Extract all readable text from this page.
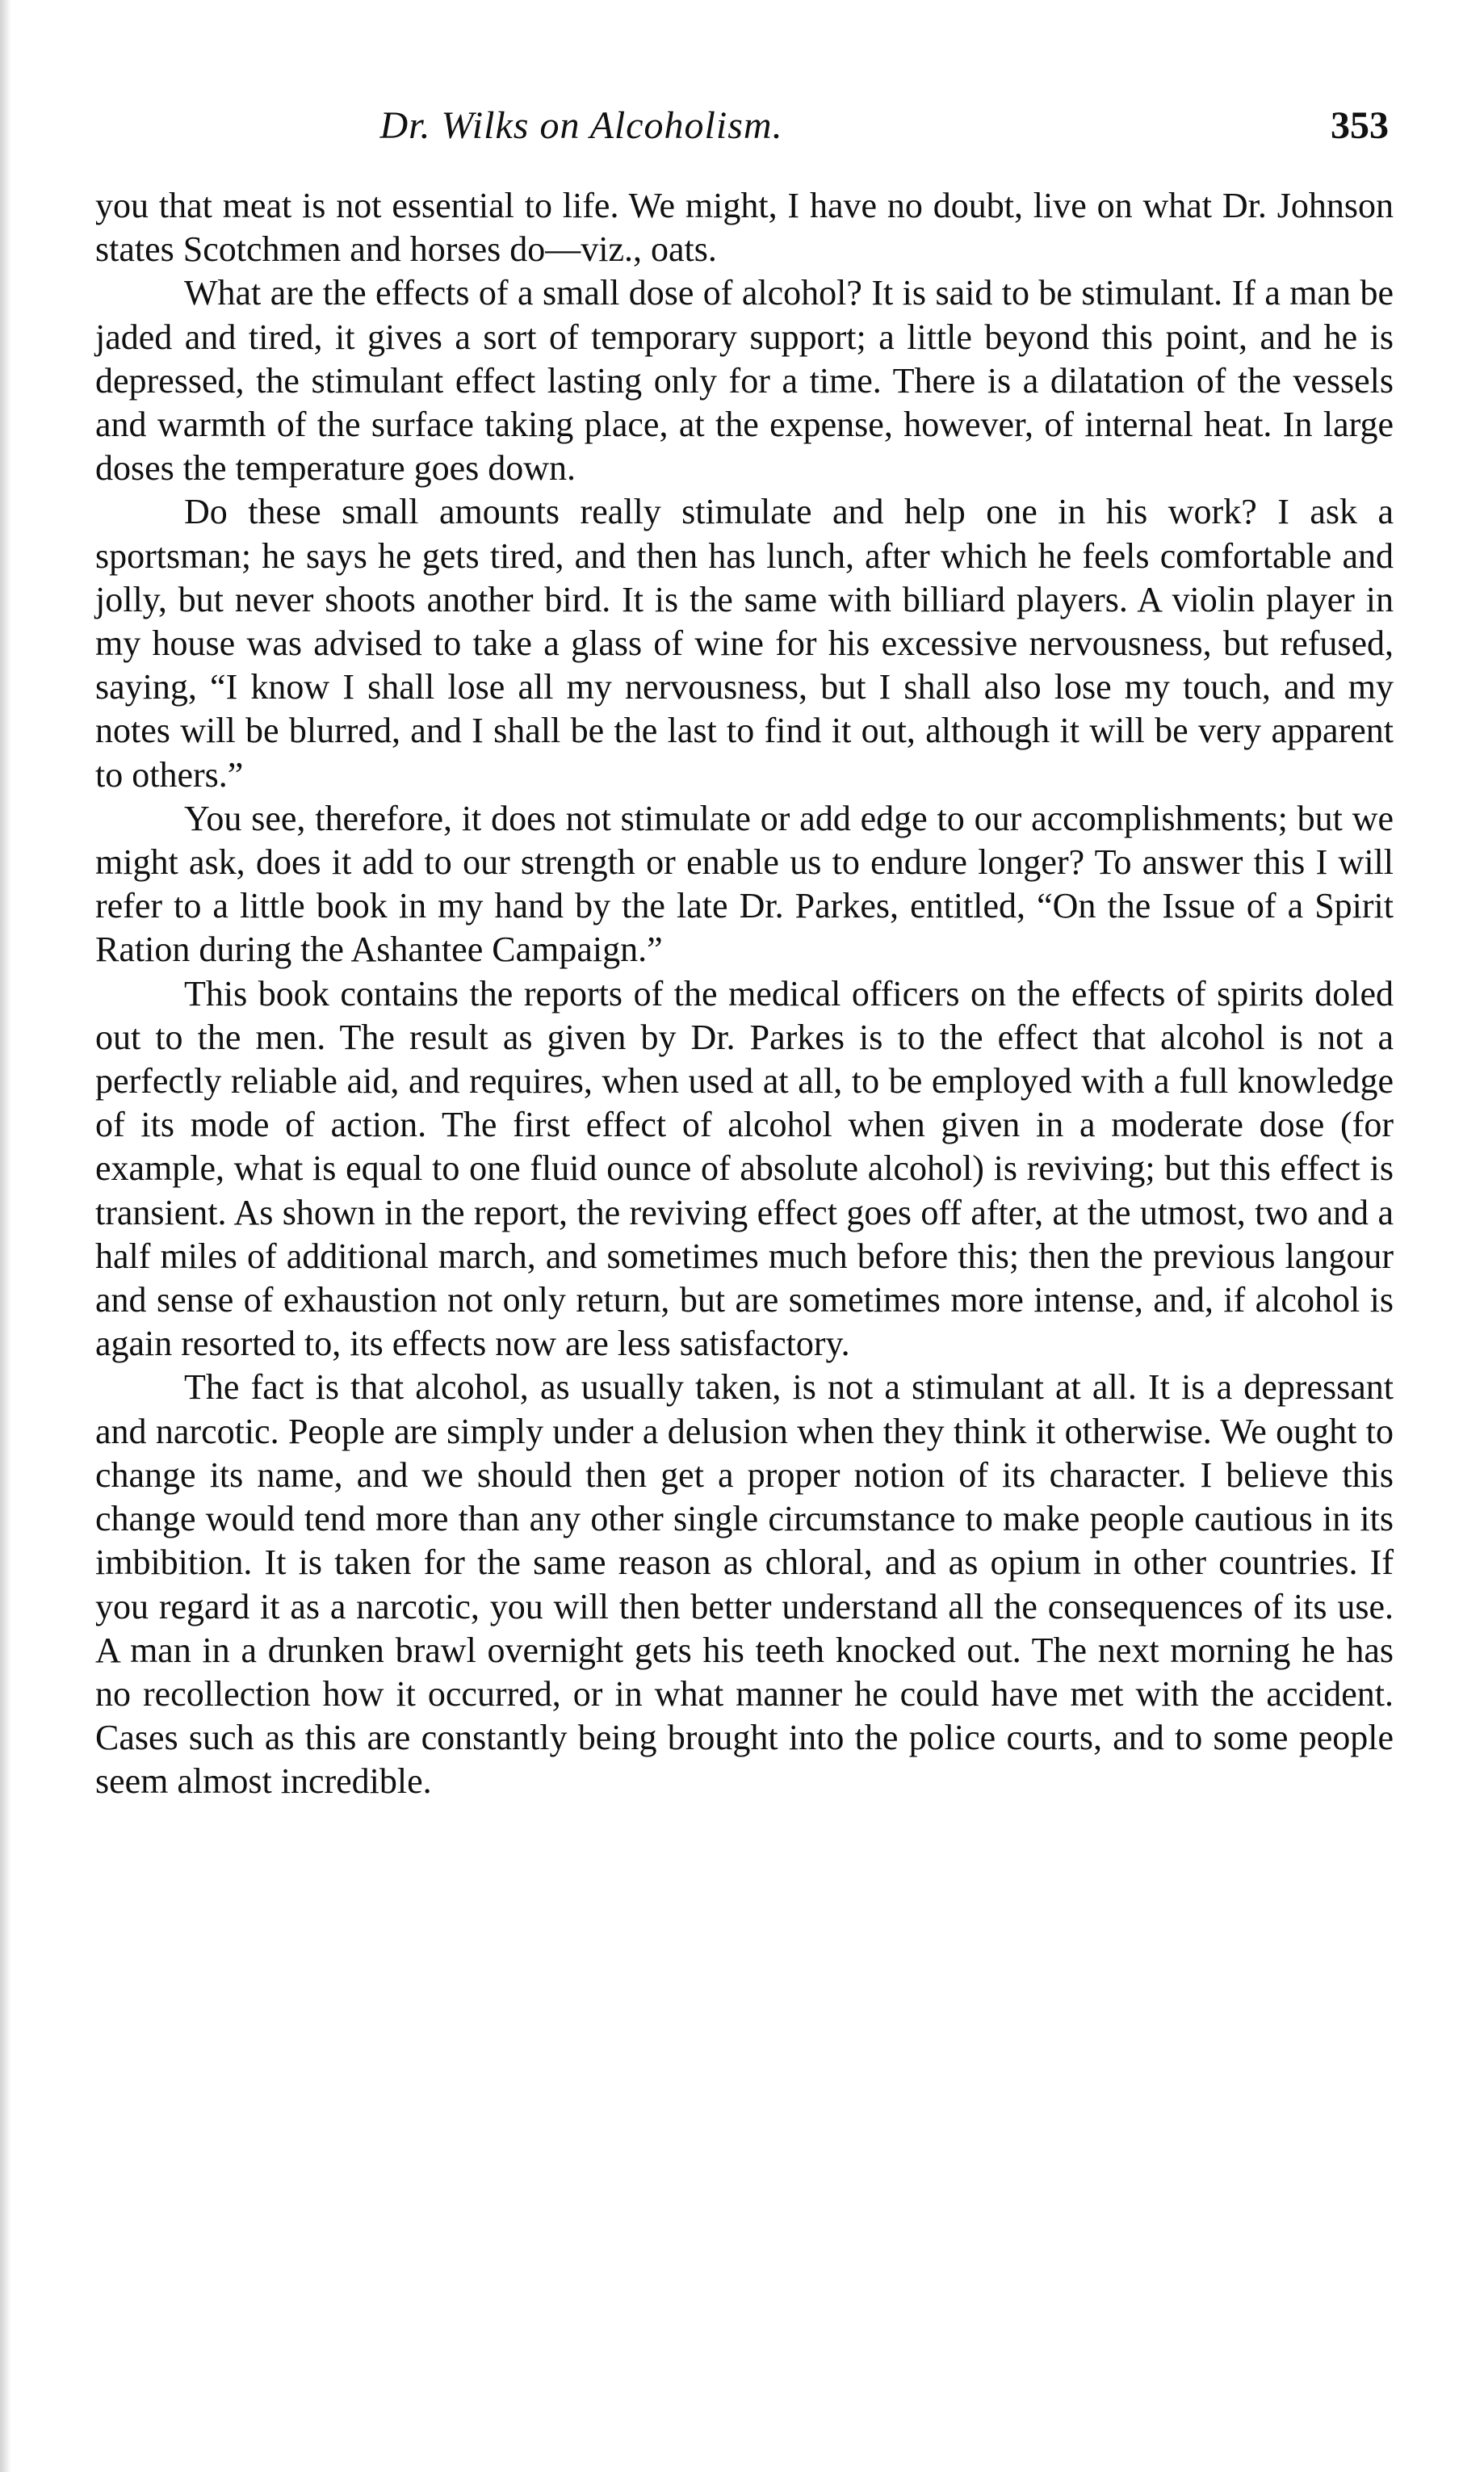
Dr. Wilks on Alcoholism.	353

you that meat is not essential to life. We might, I have no doubt, live on what Dr. Johnson states Scotchmen and horses do—viz., oats.

What are the effects of a small dose of alcohol? It is said to be stimulant. If a man be jaded and tired, it gives a sort of temporary support; a little beyond this point, and he is depressed, the stimulant effect lasting only for a time. There is a dilatation of the vessels and warmth of the surface taking place, at the expense, however, of internal heat. In large doses the temperature goes down.

Do these small amounts really stimulate and help one in his work? I ask a sportsman; he says he gets tired, and then has lunch, after which he feels comfortable and jolly, but never shoots another bird. It is the same with billiard players. A violin player in my house was advised to take a glass of wine for his excessive nervousness, but refused, saying, “I know I shall lose all my nervousness, but I shall also lose my touch, and my notes will be blurred, and I shall be the last to find it out, although it will be very apparent to others.”

You see, therefore, it does not stimulate or add edge to our accomplishments; but we might ask, does it add to our strength or enable us to endure longer? To answer this I will refer to a little book in my hand by the late Dr. Parkes, entitled, “On the Issue of a Spirit Ration during the Ashantee Campaign.”

This book contains the reports of the medical officers on the effects of spirits doled out to the men. The result as given by Dr. Parkes is to the effect that alcohol is not a perfectly reliable aid, and requires, when used at all, to be employed with a full knowledge of its mode of action. The first effect of alcohol when given in a moderate dose (for example, what is equal to one fluid ounce of absolute alcohol) is reviving; but this effect is transient. As shown in the report, the reviving effect goes off after, at the utmost, two and a half miles of additional march, and sometimes much before this; then the previous langour and sense of exhaustion not only return, but are sometimes more intense, and, if alcohol is again resorted to, its effects now are less satisfactory.

The fact is that alcohol, as usually taken, is not a stimulant at all. It is a depressant and narcotic. People are simply under a delusion when they think it otherwise. We ought to change its name, and we should then get a proper notion of its character. I believe this change would tend more than any other single circumstance to make people cautious in its imbibition. It is taken for the same reason as chloral, and as opium in other countries. If you regard it as a narcotic, you will then better understand all the consequences of its use. A man in a drunken brawl overnight gets his teeth knocked out. The next morning he has no recollection how it occurred, or in what manner he could have met with the accident. Cases such as this are constantly being brought into the police courts, and to some people seem almost incredible.
